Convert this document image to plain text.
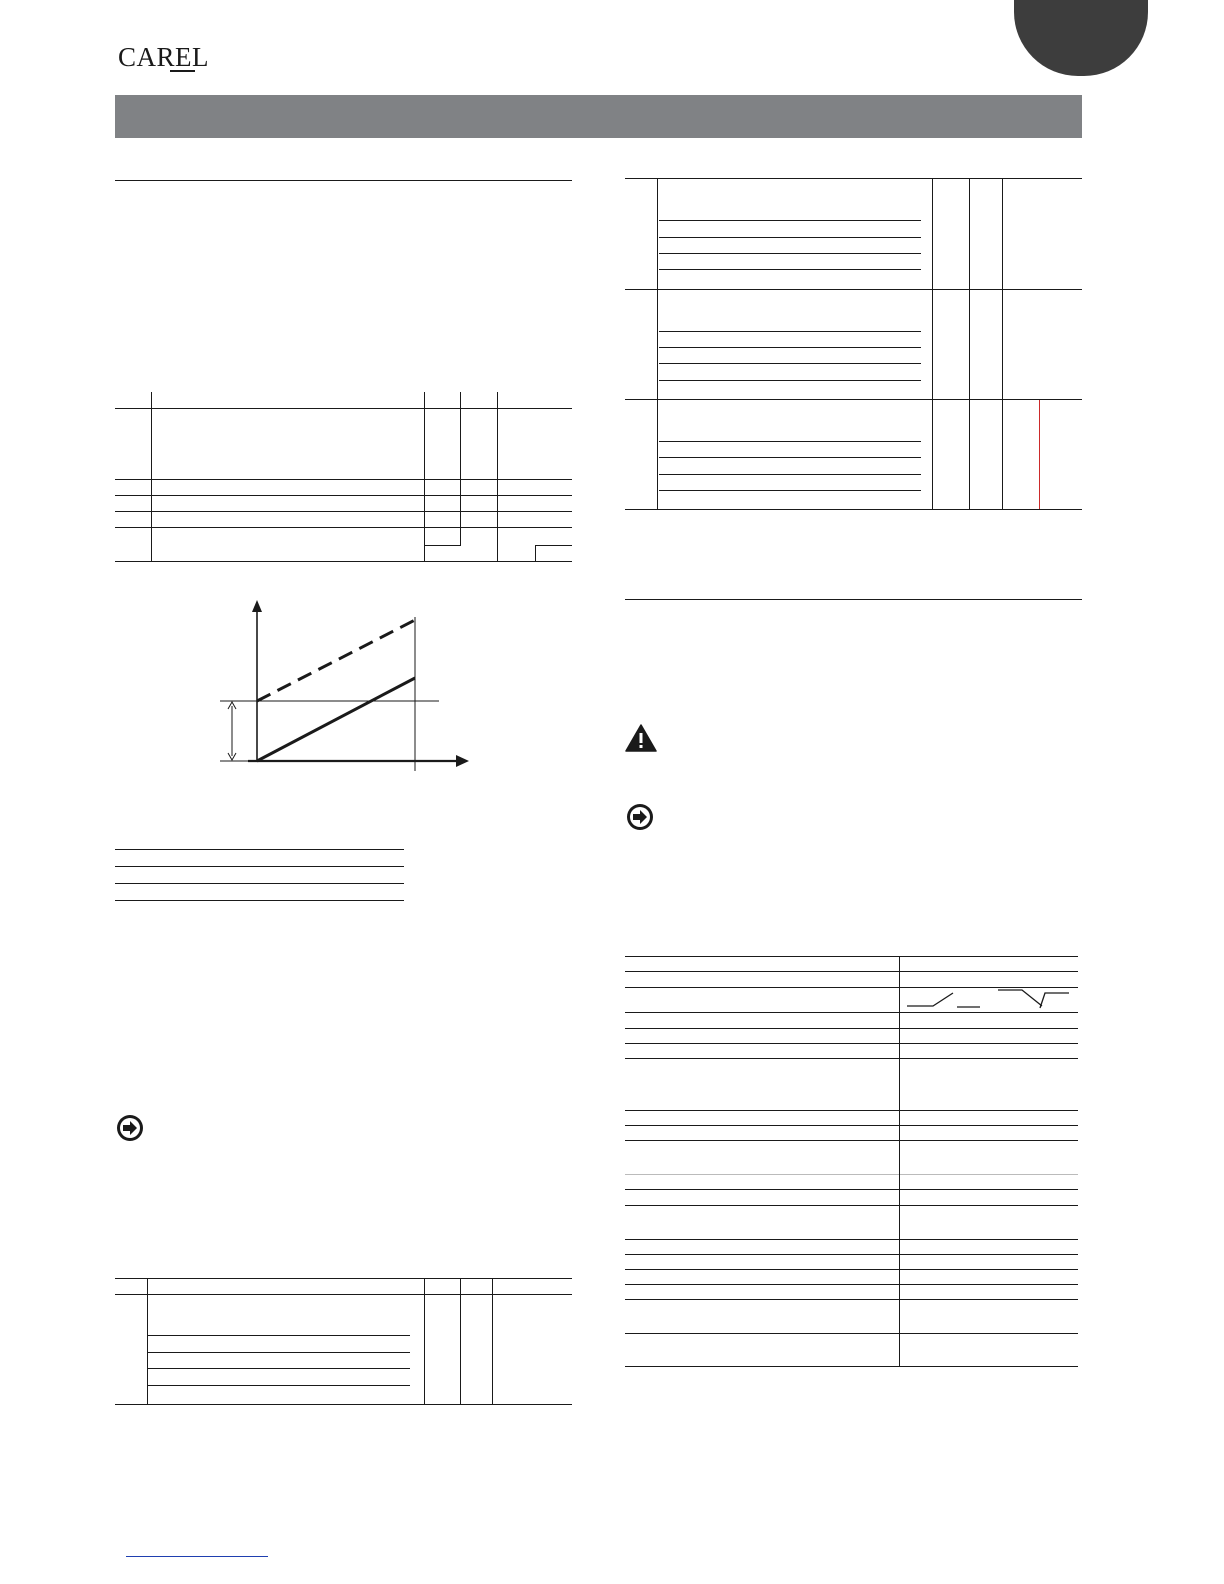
CAREL
